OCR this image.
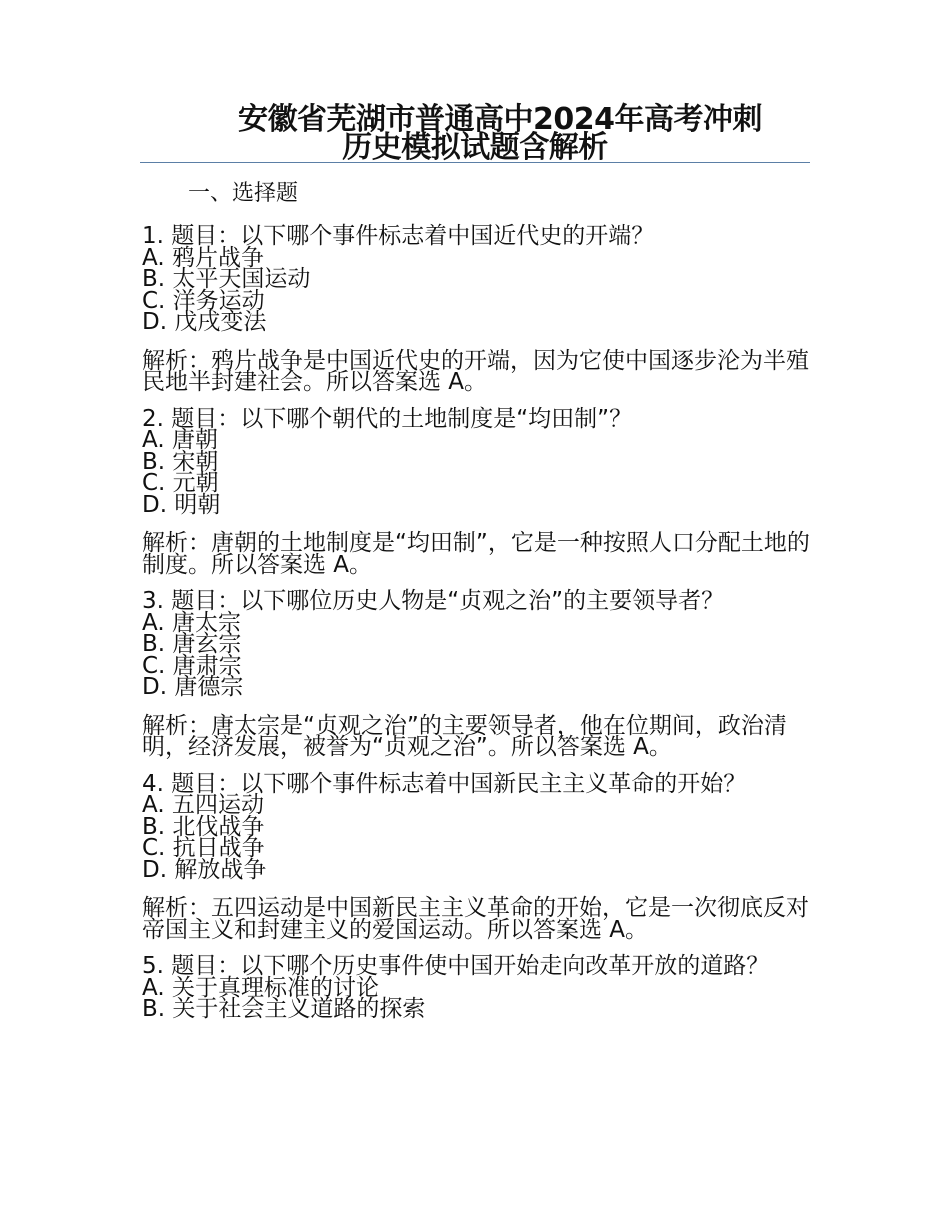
安徽省芜湖市普通高中2024年高考冲刺
历史模拟试题含解析
一、选择题
1. 题目：以下哪个事件标志着中国近代史的开端？
A. 鸦片战争
B. 太平天国运动
C. 洋务运动
D. 戊戌变法
解析：鸦片战争是中国近代史的开端，因为它使中国逐步沦为半殖民地半封建社会。所以答案选 A。
2. 题目：以下哪个朝代的土地制度是“均田制”？
A. 唐朝
B. 宋朝
C. 元朝
D. 明朝
解析：唐朝的土地制度是“均田制”，它是一种按照人口分配土地的制度。所以答案选 A。
3. 题目：以下哪位历史人物是“贞观之治”的主要领导者？
A. 唐太宗
B. 唐玄宗
C. 唐肃宗
D. 唐德宗
解析：唐太宗是“贞观之治”的主要领导者，他在位期间，政治清明，经济发展，被誉为“贞观之治”。所以答案选 A。
4. 题目：以下哪个事件标志着中国新民主主义革命的开始？
A. 五四运动
B. 北伐战争
C. 抗日战争
D. 解放战争
解析：五四运动是中国新民主主义革命的开始，它是一次彻底反对帝国主义和封建主义的爱国运动。所以答案选 A。
5. 题目：以下哪个历史事件使中国开始走向改革开放的道路？
A. 关于真理标准的讨论
B. 关于社会主义道路的探索
